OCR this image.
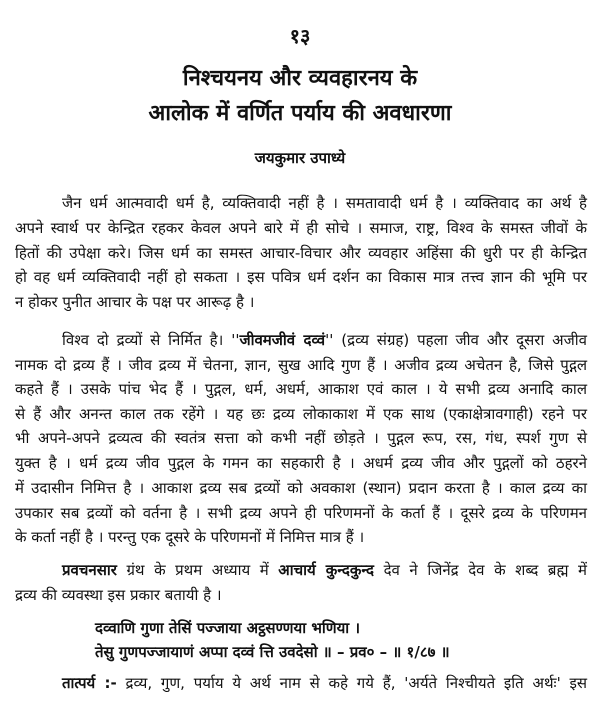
१३
निश्चयनय और व्यवहारनय के
आलोक में वर्णित पर्याय की अवधारणा
जयकुमार उपाध्ये
जैन धर्म आत्मवादी धर्म है, व्यक्तिवादी नहीं है । समतावादी धर्म है । व्यक्तिवाद का अर्थ है
अपने स्वार्थ पर केन्द्रित रहकर केवल अपने बारे में ही सोचे । समाज, राष्ट्र, विश्व के समस्त जीवों के
हितों की उपेक्षा करे। जिस धर्म का समस्त आचार-विचार और व्यवहार अहिंसा की धुरी पर ही केन्द्रित
हो वह धर्म व्यक्तिवादी नहीं हो सकता । इस पवित्र धर्म दर्शन का विकास मात्र तत्त्व ज्ञान की भूमि पर
न होकर पुनीत आचार के पक्ष पर आरूढ़ है ।
विश्व दो द्रव्यों से निर्मित है। ''जीवमजीवं दव्वं'' (द्रव्य संग्रह) पहला जीव और दूसरा अजीव
नामक दो द्रव्य हैं । जीव द्रव्य में चेतना, ज्ञान, सुख आदि गुण हैं । अजीव द्रव्य अचेतन है, जिसे पुद्गल
कहते हैं । उसके पांच भेद हैं । पुद्गल, धर्म, अधर्म, आकाश एवं काल । ये सभी द्रव्य अनादि काल
से हैं और अनन्त काल तक रहेंगे । यह छः द्रव्य लोकाकाश में एक साथ (एकाक्षेत्रावगाही) रहने पर
भी अपने-अपने द्रव्यत्व की स्वतंत्र सत्ता को कभी नहीं छोड़ते । पुद्गल रूप, रस, गंध, स्पर्श गुण से
युक्त है । धर्म द्रव्य जीव पुद्गल के गमन का सहकारी है । अधर्म द्रव्य जीव और पुद्गलों को ठहरने
में उदासीन निमित्त है । आकाश द्रव्य सब द्रव्यों को अवकाश (स्थान) प्रदान करता है । काल द्रव्य का
उपकार सब द्रव्यों को वर्तना है । सभी द्रव्य अपने ही परिणमनों के कर्ता हैं । दूसरे द्रव्य के परिणमन
के कर्ता नहीं है । परन्तु एक दूसरे के परिणमनों में निमित्त मात्र हैं ।
प्रवचनसार ग्रंथ के प्रथम अध्याय में आचार्य कुन्दकुन्द देव ने जिनेंद्र देव के शब्द ब्रह्म में
द्रव्य की व्यवस्था इस प्रकार बतायी है ।
दव्वाणि गुणा तेसिं पज्जाया अट्ठसण्णया भणिया ।
तेसु गुणपज्जायाणं अप्पा दव्वं त्ति उवदेसो ॥ – प्रव० – ॥ १/८७ ॥
तात्पर्य :- द्रव्य, गुण, पर्याय ये अर्थ नाम से कहे गये हैं, 'अर्यते निश्चीयते इति अर्थः' इस
